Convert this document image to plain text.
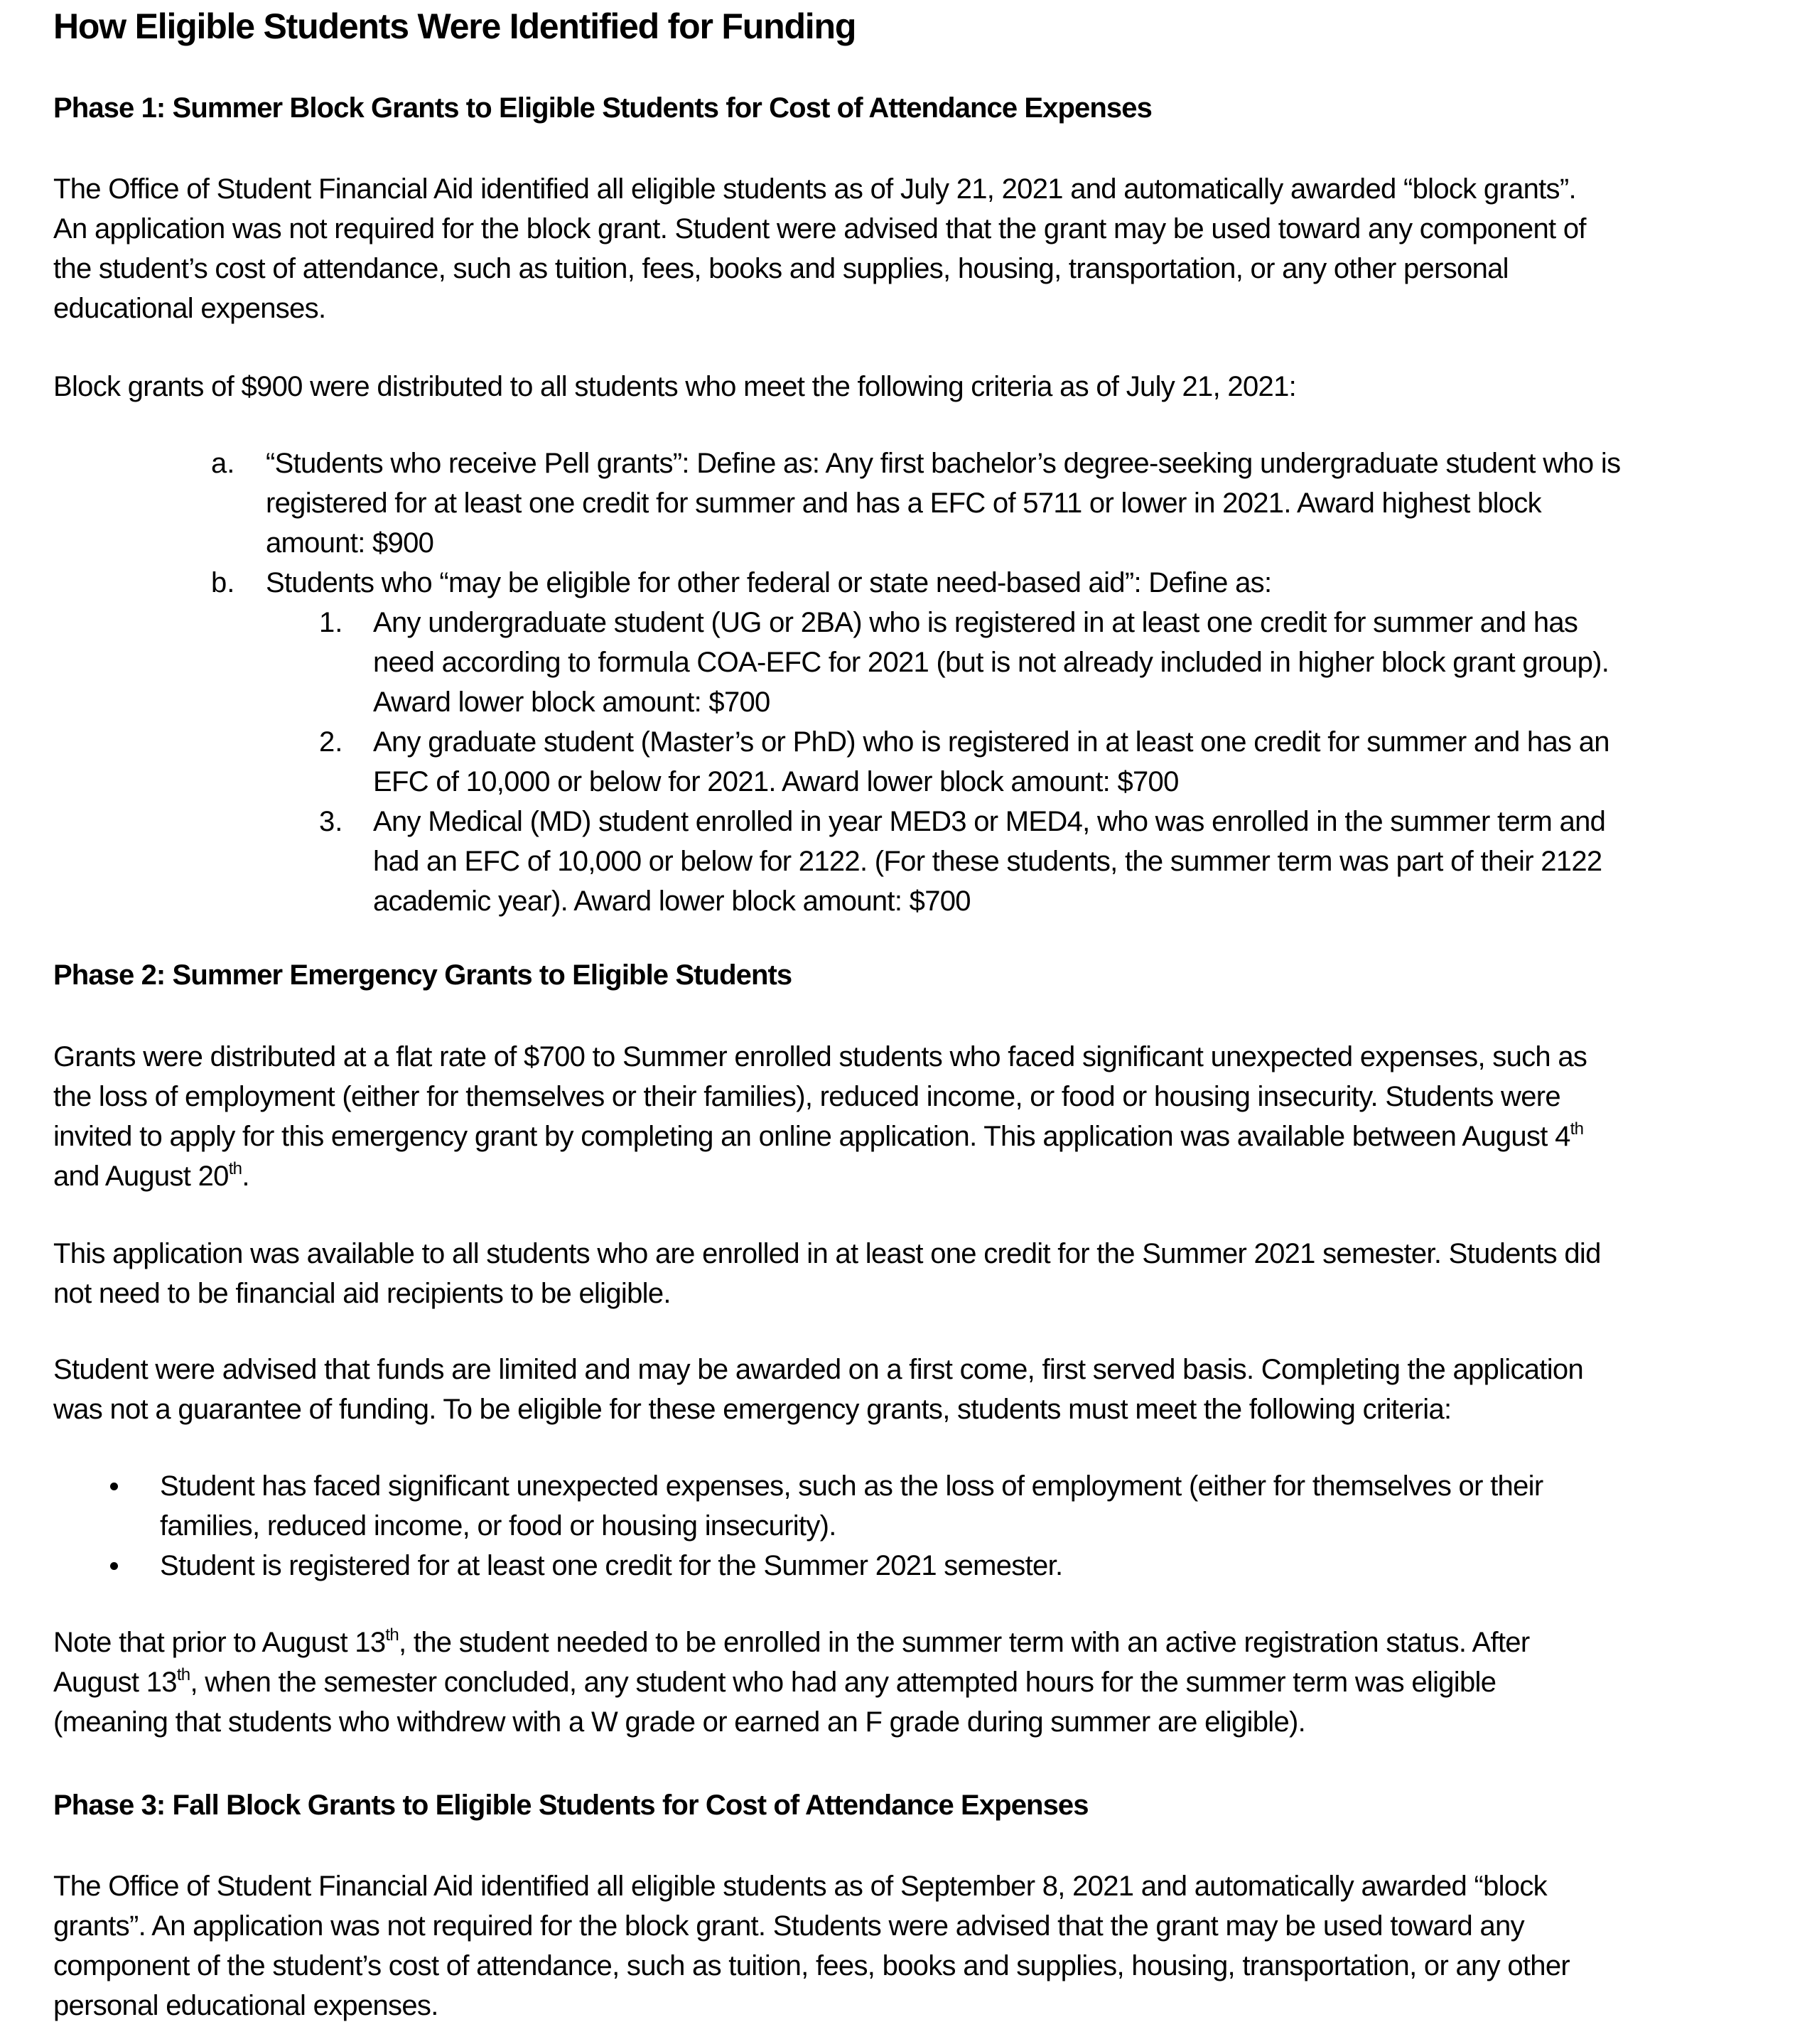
How Eligible Students Were Identified for Funding
Phase 1: Summer Block Grants to Eligible Students for Cost of Attendance Expenses
The Office of Student Financial Aid identified all eligible students as of July 21, 2021 and automatically awarded “block grants”.
An application was not required for the block grant. Student were advised that the grant may be used toward any component of
the student’s cost of attendance, such as tuition, fees, books and supplies, housing, transportation, or any other personal
educational expenses.
Block grants of $900 were distributed to all students who meet the following criteria as of July 21, 2021:
a. “Students who receive Pell grants”: Define as: Any first bachelor’s degree-seeking undergraduate student who is
registered for at least one credit for summer and has a EFC of 5711 or lower in 2021. Award highest block
amount: $900
b. Students who “may be eligible for other federal or state need-based aid”: Define as:
1. Any undergraduate student (UG or 2BA) who is registered in at least one credit for summer and has
need according to formula COA-EFC for 2021 (but is not already included in higher block grant group).
Award lower block amount: $700
2. Any graduate student (Master’s or PhD) who is registered in at least one credit for summer and has an
EFC of 10,000 or below for 2021. Award lower block amount: $700
3. Any Medical (MD) student enrolled in year MED3 or MED4, who was enrolled in the summer term and
had an EFC of 10,000 or below for 2122. (For these students, the summer term was part of their 2122
academic year). Award lower block amount: $700
Phase 2: Summer Emergency Grants to Eligible Students
Grants were distributed at a flat rate of $700 to Summer enrolled students who faced significant unexpected expenses, such as
the loss of employment (either for themselves or their families), reduced income, or food or housing insecurity. Students were
invited to apply for this emergency grant by completing an online application. This application was available between August 4th
and August 20th.
This application was available to all students who are enrolled in at least one credit for the Summer 2021 semester. Students did
not need to be financial aid recipients to be eligible.
Student were advised that funds are limited and may be awarded on a first come, first served basis. Completing the application
was not a guarantee of funding. To be eligible for these emergency grants, students must meet the following criteria:
Student has faced significant unexpected expenses, such as the loss of employment (either for themselves or their
families, reduced income, or food or housing insecurity).
Student is registered for at least one credit for the Summer 2021 semester.
Note that prior to August 13th, the student needed to be enrolled in the summer term with an active registration status. After
August 13th, when the semester concluded, any student who had any attempted hours for the summer term was eligible
(meaning that students who withdrew with a W grade or earned an F grade during summer are eligible).
Phase 3: Fall Block Grants to Eligible Students for Cost of Attendance Expenses
The Office of Student Financial Aid identified all eligible students as of September 8, 2021 and automatically awarded “block
grants”. An application was not required for the block grant. Students were advised that the grant may be used toward any
component of the student’s cost of attendance, such as tuition, fees, books and supplies, housing, transportation, or any other
personal educational expenses.
